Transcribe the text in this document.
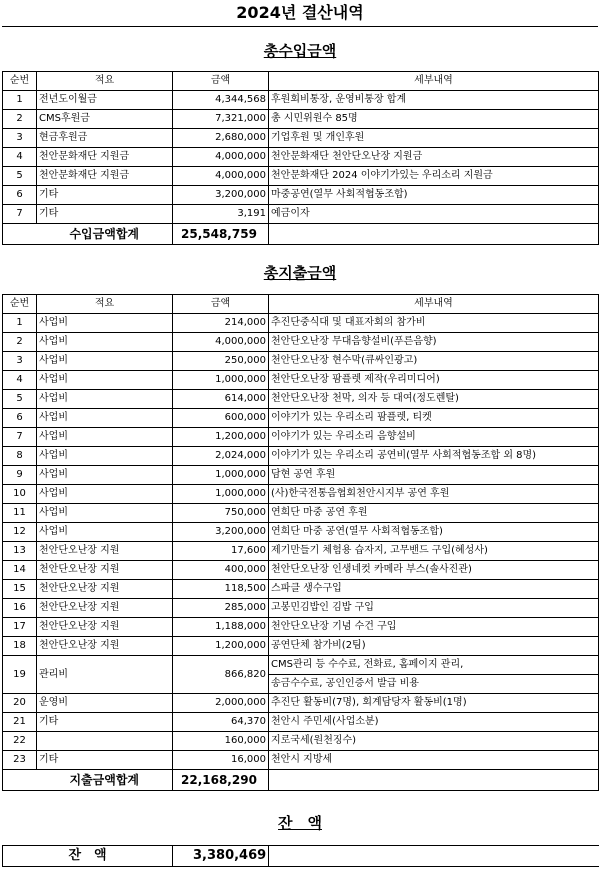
2024년 결산내역
총수입금액
순번	적요	금액	세부내역
1	전년도이월금	4,344,568	후원회비통장, 운영비통장 합계
2	CMS후원금	7,321,000	총 시민위원수 85명
3	현금후원금	2,680,000	기업후원 및 개인후원
4	천안문화재단 지원금	4,000,000	천안문화재단 천안단오난장 지원금
5	천안문화재단 지원금	4,000,000	천안문화재단 2024 이야기가있는 우리소리 지원금
6	기타	3,200,000	마중공연(열무 사회적협동조합)
7	기타	3,191	예금이자
	수입금액합계	25,548,759	
총지출금액
순번	적요	금액	세부내역
1	사업비	214,000	추진단중식대 및 대표자회의 참가비
2	사업비	4,000,000	천안단오난장 무대음향설비(푸른음향)
3	사업비	250,000	천안단오난장 현수막(큐싸인광고)
4	사업비	1,000,000	천안단오난장 팜플렛 제작(우리미디어)
5	사업비	614,000	천안단오난장 천막, 의자 등 대여(정도렌탈)
6	사업비	600,000	이야기가 있는 우리소리 팜플렛, 티켓
7	사업비	1,200,000	이야기가 있는 우리소리 음향설비
8	사업비	2,024,000	이야기가 있는 우리소리 공연비(열무 사회적협동조합 외 8명)
9	사업비	1,000,000	담현 공연 후원
10	사업비	1,000,000	(사)한국전통음협회천안시지부 공연 후원
11	사업비	750,000	연희단 마중 공연 후원
12	사업비	3,200,000	연희단 마중 공연(열무 사회적협동조합)
13	천안단오난장 지원	17,600	제기만들기 체험용 습자지, 고무밴드 구입(혜성사)
14	천안단오난장 지원	400,000	천안단오난장 인생네컷 카메라 부스(솔사진관)
15	천안단오난장 지원	118,500	스파클 생수구입
16	천안단오난장 지원	285,000	고봉민김밥인 김밥 구입
17	천안단오난장 지원	1,188,000	천안단오난장 기념 수건 구입
18	천안단오난장 지원	1,200,000	공연단체 참가비(2팀)
19	관리비	866,820	CMS관리 등 수수료, 전화료, 홈페이지 관리,
			송금수수료, 공인인증서 발급 비용
20	운영비	2,000,000	추진단 활동비(7명), 회계담당자 활동비(1명)
21	기타	64,370	천안시 주민세(사업소분)
22		160,000	지로국세(원천징수)
23	기타	16,000	천안시 지방세
	지출금액합계	22,168,290	
잔　액
잔　액	3,380,469	
